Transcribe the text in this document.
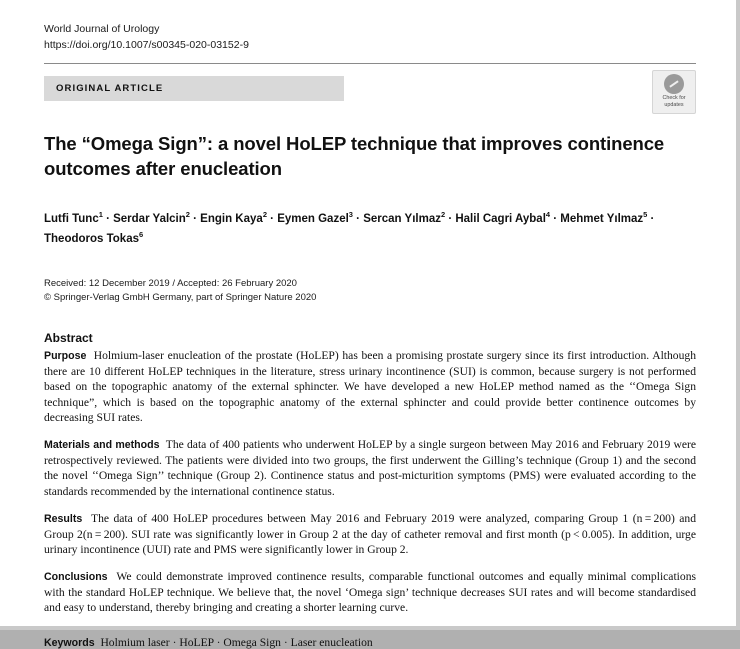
World Journal of Urology
https://doi.org/10.1007/s00345-020-03152-9
ORIGINAL ARTICLE
Check for
updates
The “Omega Sign”: a novel HoLEP technique that improves continence outcomes after enucleation
Lutfi Tunc$^1$ · Serdar Yalcin$^2$ · Engin Kaya$^2$ · Eymen Gazel$^3$ · Sercan Yılmaz$^2$ · Halil Cagri Aybal$^4$ · Mehmet Yılmaz$^5$ · Theodoros Tokas$^6$
Received: 12 December 2019 / Accepted: 26 February 2020
© Springer-Verlag GmbH Germany, part of Springer Nature 2020
Abstract

Purpose Holmium-laser enucleation of the prostate (HoLEP) has been a promising prostate surgery since its first introduction. Although there are 10 different HoLEP techniques in the literature, stress urinary incontinence (SUI) is common, because surgery is not performed based on the topographic anatomy of the external sphincter. We have developed a new HoLEP method named as the ‘‘Omega Sign technique”, which is based on the topographic anatomy of the external sphincter and could provide better continence outcomes by decreasing SUI rates.

Materials and methods The data of 400 patients who underwent HoLEP by a single surgeon between May 2016 and February 2019 were retrospectively reviewed. The patients were divided into two groups, the first underwent the Gilling’s technique (Group 1) and the second the novel ‘‘Omega Sign’’ technique (Group 2). Continence status and post-micturition symptoms (PMS) were evaluated according to the standards recommended by the international continence status.

Results The data of 400 HoLEP procedures between May 2016 and February 2019 were analyzed, comparing Group 1 (n = 200) and Group 2(n = 200). SUI rate was significantly lower in Group 2 at the day of catheter removal and first month (p < 0.005). In addition, urge urinary incontinence (UUI) rate and PMS were significantly lower in Group 2.

Conclusions We could demonstrate improved continence results, comparable functional outcomes and equally minimal complications with the standard HoLEP technique. We believe that, the novel ‘Omega sign’ technique decreases SUI rates and will become standardised and easy to understand, thereby bringing and creating a shorter learning curve.

Keywords Holmium laser · HoLEP · Omega Sign · Laser enucleation
